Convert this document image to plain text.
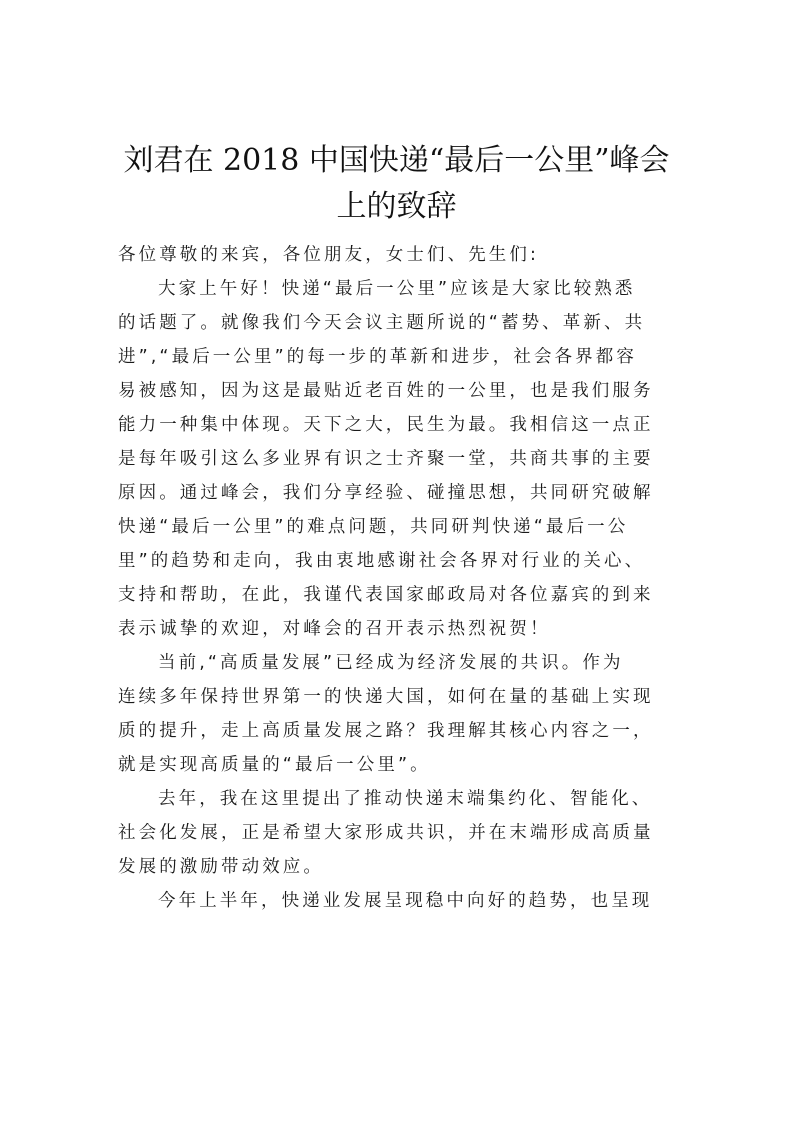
刘君在 2018 中国快递“最后一公里”峰会
上的致辞
各位尊敬的来宾，各位朋友，女士们、先生们:
大家上午好！快递“最后一公里”应该是大家比较熟悉
的话题了。就像我们今天会议主题所说的“蓄势、革新、共
进”,“最后一公里”的每一步的革新和进步，社会各界都容
易被感知，因为这是最贴近老百姓的一公里，也是我们服务
能力一种集中体现。天下之大，民生为最。我相信这一点正
是每年吸引这么多业界有识之士齐聚一堂，共商共事的主要
原因。通过峰会，我们分享经验、碰撞思想，共同研究破解
快递“最后一公里”的难点问题，共同研判快递“最后一公
里”的趋势和走向，我由衷地感谢社会各界对行业的关心、
支持和帮助，在此，我谨代表国家邮政局对各位嘉宾的到来
表示诚挚的欢迎，对峰会的召开表示热烈祝贺！
当前,“高质量发展”已经成为经济发展的共识。作为
连续多年保持世界第一的快递大国，如何在量的基础上实现
质的提升，走上高质量发展之路？我理解其核心内容之一，
就是实现高质量的“最后一公里”。
去年，我在这里提出了推动快递末端集约化、智能化、
社会化发展，正是希望大家形成共识，并在末端形成高质量
发展的激励带动效应。
今年上半年，快递业发展呈现稳中向好的趋势，也呈现
